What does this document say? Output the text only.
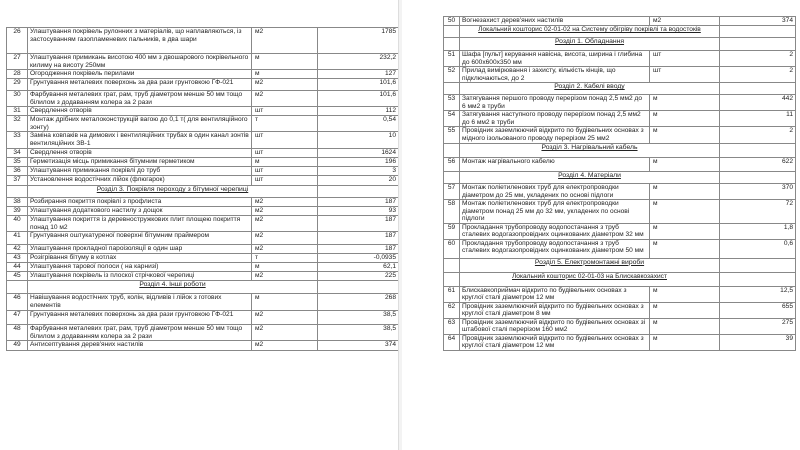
26	Улаштування покрівель рулонних з матеріалів, що наплавляються, із застосуванням газопламеневих пальників, в два шари	м2	1785
27	Улаштування примикань висотою 400 мм з двошарового покрівельного килиму на висоту 250мм	м	232,2
28	Огородження покрівель перилами	м	127
29	Грунтування металевих поверхонь за два рази грунтовкою ГФ-021	м2	101,6
30	Фарбування металевих грат, рам, труб діаметром менше 50 мм тощо білилом з додаванням колера за 2 рази	м2	101,6
31	Свердлення отворів	шт	112
32	Монтаж дрібних металоконструкцій вагою до 0,1 т( для вентиляційного зонту)	т	0,54
33	Заміна ковпаків на димових і вентиляційних трубах в один канал зонтів вентиляційних ЗВ-1	шт	10
34	Свердлення отворів	шт	1624
35	Герметизація місць примикання бітумним герметиком	м	196
36	Улаштування примикання покрівлі до труб	шт	3
37	Установлення водостічних лійок (флюгарок)	шт	20
	Розділ 3. Покрівля пероходу з бітумної черепиці		
38	Розбирання покриття покрівлі з профлиста	м2	187
39	Улаштування додаткового настилу з дощок	м2	93
40	Улаштування покриття із деревностружкових плит площею покриття понад 10 м2	м2	187
41	Грунтування оштукатуреної поверхні бітумним праймером	м2	187
42	Улаштування прокладної пароізоляції в один шар	м2	187
43	Розігрівання бітуму в котлах	т	-0,0935
44	Улаштування тарової полоси ( на карнизі)	м	62,1
45	Улаштування покрівель із плоскої стрічкової черепиці	м2	225
	Розділ 4. Інші роботи		
46	Навішування водостічних труб, колін, відливів і лійок з готових елементів	м	268
47	Грунтування металевих поверхонь за два рази грунтовкою ГФ-021	м2	38,5
48	Фарбування металевих грат, рам, труб діаметром менше 50 мм тощо білилом з додаванням колера за 2 рази	м2	38,5
49	Антисептування дерев'яних настилів	м2	374
50	Вогнезахист дерев'яних настилів	м2	374
	Локальний кошторис 02-01-02 на Систему обігріву покрівлі та водостоків		
	Розділ 1. Обладнання		
51	Шафа [пульт] керування навісна, висота, ширина і глибина до 600х600х350 мм	шт	2
52	Прилад вимірювання і захисту, кількість кінців, що підключаються, до 2	шт	2
	Розділ 2. Кабелі вводу		
53	Затягування першого проводу перерізом понад 2,5 мм2 до 6 мм2 в труби	м	442
54	Затягування наступного проводу перерізом понад 2,5 мм2 до 6 мм2 в труби	м	11
55	Провідник заземлюючий відкрито по будівельних основах з мідного ізольованого проводу перерізом 25 мм2	м	2
	Розділ 3. Нагрівальний кабель		
56	Монтаж нагрівального кабелю	м	622
	Розділ 4. Матеріали		
57	Монтаж поліетиленових труб для електропроводки діаметром до 25 мм, укладених по основі підлоги	м	370
58	Монтаж поліетиленових труб для електропроводки діаметром понад 25 мм до 32 мм, укладених по основі підлоги	м	72
59	Прокладання трубопроводу водопостачання з труб сталевих водогазопровідних оцинкованих діаметром 32 мм	м	1,8
60	Прокладання трубопроводу водопостачання з труб сталевих водогазопровідних оцинкованих діаметром 50 мм	м	0,6
	Розділ 5. Електромонтажні вироби		
	Локальний кошторис 02-01-03 на Блискавкозахист		
61	Блискавкоприймач відкрито по будівельних основах з круглої сталі діаметром 12 мм	м	12,5
62	Провідник заземлюючий відкрито по будівельних основах з круглої сталі діаметром 8 мм	м	655
63	Провідник заземлюючий відкрито по будівельних основах зі штабової сталі перерізом 160 мм2	м	275
64	Провідник заземлюючий відкрито по будівельних основах з круглої сталі діаметром 12 мм	м	39
